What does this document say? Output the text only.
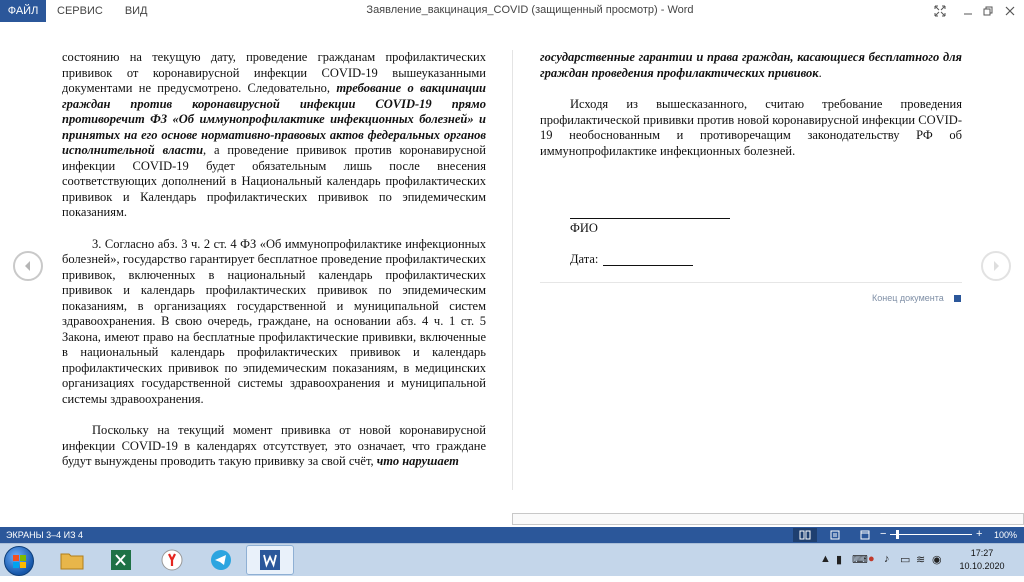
ФАЙЛ	СЕРВИС	ВИД	Заявление_вакцинация_COVID (защищенный просмотр) - Word

состоянию на текущую дату, проведение гражданам профилактических прививок от коронавирусной инфекции COVID-19 вышеуказанными документами не предусмотрено. Следовательно, требование о вакцинации граждан против коронавирусной инфекции COVID-19 прямо противоречит ФЗ «Об иммунопрофилактике инфекционных болезней» и принятых на его основе нормативно-правовых актов федеральных органов исполнительной власти, а проведение прививок против коронавирусной инфекции COVID-19 будет обязательным лишь после внесения соответствующих дополнений в Национальный календарь профилактических прививок и Календарь профилактических прививок по эпидемическим показаниям.

3. Согласно абз. 3 ч. 2 ст. 4 ФЗ «Об иммунопрофилактике инфекционных болезней», государство гарантирует бесплатное проведение профилактических прививок, включенных в национальный календарь профилактических прививок и календарь профилактических прививок по эпидемическим показаниям, в организациях государственной и муниципальной систем здравоохранения. В свою очередь, граждане, на основании абз. 4 ч. 1 ст. 5 Закона, имеют право на бесплатные профилактические прививки, включенные в национальный календарь профилактических прививок и календарь профилактических прививок по эпидемическим показаниям, в медицинских организациях государственной системы здравоохранения и муниципальной системы здравоохранения.

Поскольку на текущий момент прививка от новой коронавирусной инфекции COVID-19 в календарях отсутствует, это означает, что граждане будут вынуждены проводить такую прививку за свой счёт, что нарушает

государственные гарантии и права граждан, касающиеся бесплатного для граждан проведения профилактических прививок.

Исходя из вышесказанного, считаю требование проведения профилактической прививки против новой коронавирусной инфекции COVID-19 необоснованным и противоречащим законодательству РФ об иммунопрофилактике инфекционных болезней.

ФИО
Дата:
Конец документа
ЭКРАНЫ 3–4 ИЗ 4	−	+ 100%
▲ ▮ ⌨ ● ♪ ▭ ≋ ◉
17:27
10.10.2020
